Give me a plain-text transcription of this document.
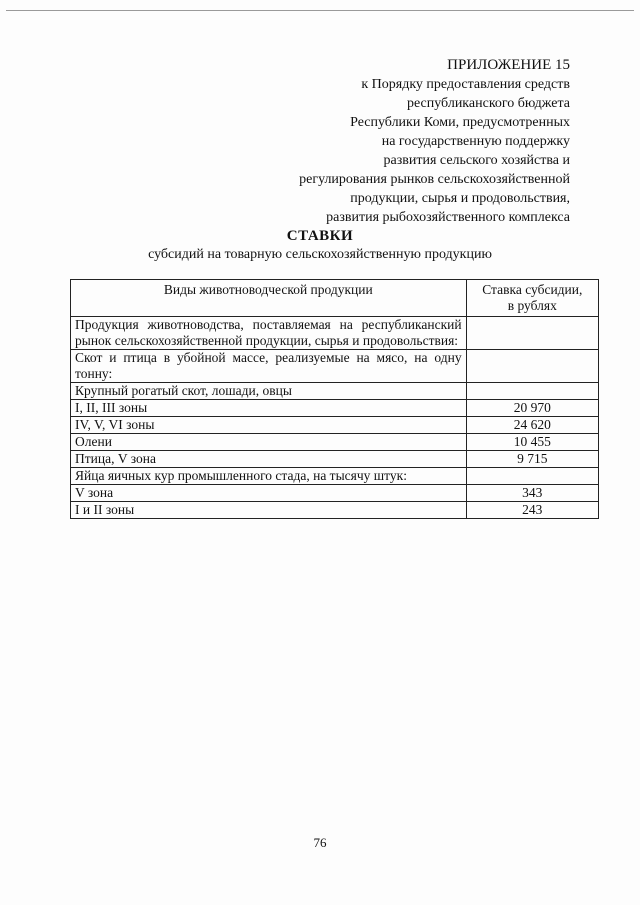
ПРИЛОЖЕНИЕ 15
к Порядку предоставления средств
республиканского бюджета
Республики Коми, предусмотренных
на государственную поддержку
развития сельского хозяйства и
регулирования рынков сельскохозяйственной
продукции, сырья и продовольствия,
развития рыбохозяйственного комплекса
СТАВКИ
субсидий на товарную сельскохозяйственную продукцию
Виды животноводческой продукции	Ставка субсидии,
в рублях

Продукция животноводства, поставляемая на республиканский рынок сельскохозяйственной продукции, сырья и продовольствия:	
Скот и птица в убойной массе, реализуемые на мясо, на одну тонну:	
Крупный рогатый скот, лошади, овцы	
I, II, III зоны	20 970
IV, V, VI зоны	24 620
Олени	10 455
Птица, V зона	9 715
Яйца яичных кур промышленного стада, на тысячу штук:	
V зона	343
I и II зоны	243
76
